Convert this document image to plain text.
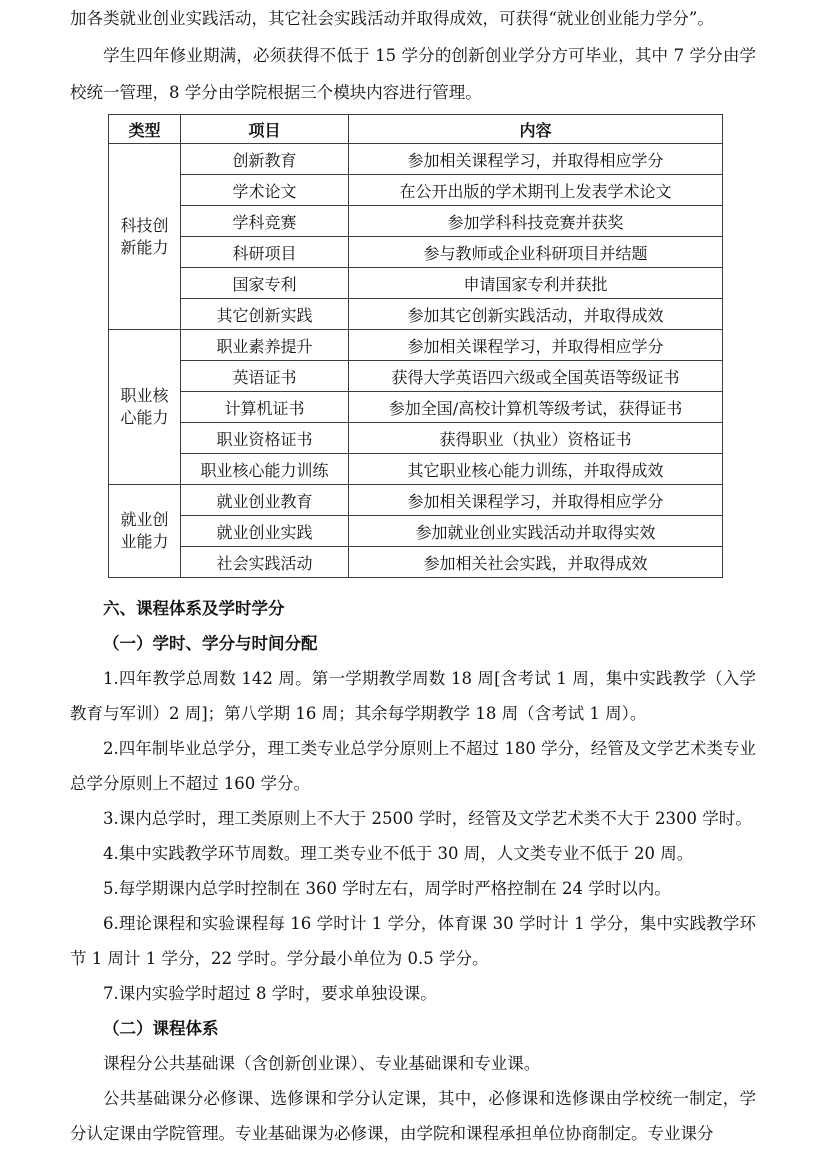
加各类就业创业实践活动，其它社会实践活动并取得成效，可获得“就业创业能力学分”。

学生四年修业期满，必须获得不低于 15 学分的创新创业学分方可毕业，其中 7 学分由学校统一管理，8 学分由学院根据三个模块内容进行管理。

类型	项目	内容
科技创新能力	创新教育	参加相关课程学习，并取得相应学分
	学术论文	在公开出版的学术期刊上发表学术论文
	学科竞赛	参加学科科技竞赛并获奖
	科研项目	参与教师或企业科研项目并结题
	国家专利	申请国家专利并获批
	其它创新实践	参加其它创新实践活动，并取得成效
职业核心能力	职业素养提升	参加相关课程学习，并取得相应学分
	英语证书	获得大学英语四六级或全国英语等级证书
	计算机证书	参加全国/高校计算机等级考试，获得证书
	职业资格证书	获得职业（执业）资格证书
	职业核心能力训练	其它职业核心能力训练，并取得成效
就业创业能力	就业创业教育	参加相关课程学习，并取得相应学分
	就业创业实践	参加就业创业实践活动并取得实效
	社会实践活动	参加相关社会实践，并取得成效

六、课程体系及学时学分

（一）学时、学分与时间分配

1.四年教学总周数 142 周。第一学期教学周数 18 周[含考试 1 周，集中实践教学（入学教育与军训）2 周]；第八学期 16 周；其余每学期教学 18 周（含考试 1 周）。

2.四年制毕业总学分，理工类专业总学分原则上不超过 180 学分，经管及文学艺术类专业总学分原则上不超过 160 学分。

3.课内总学时，理工类原则上不大于 2500 学时，经管及文学艺术类不大于 2300 学时。

4.集中实践教学环节周数。理工类专业不低于 30 周，人文类专业不低于 20 周。

5.每学期课内总学时控制在 360 学时左右，周学时严格控制在 24 学时以内。

6.理论课程和实验课程每 16 学时计 1 学分，体育课 30 学时计 1 学分，集中实践教学环节 1 周计 1 学分，22 学时。学分最小单位为 0.5 学分。

7.课内实验学时超过 8 学时，要求单独设课。

（二）课程体系

课程分公共基础课（含创新创业课）、专业基础课和专业课。

公共基础课分必修课、选修课和学分认定课，其中，必修课和选修课由学校统一制定，学分认定课由学院管理。专业基础课为必修课，由学院和课程承担单位协商制定。专业课分
